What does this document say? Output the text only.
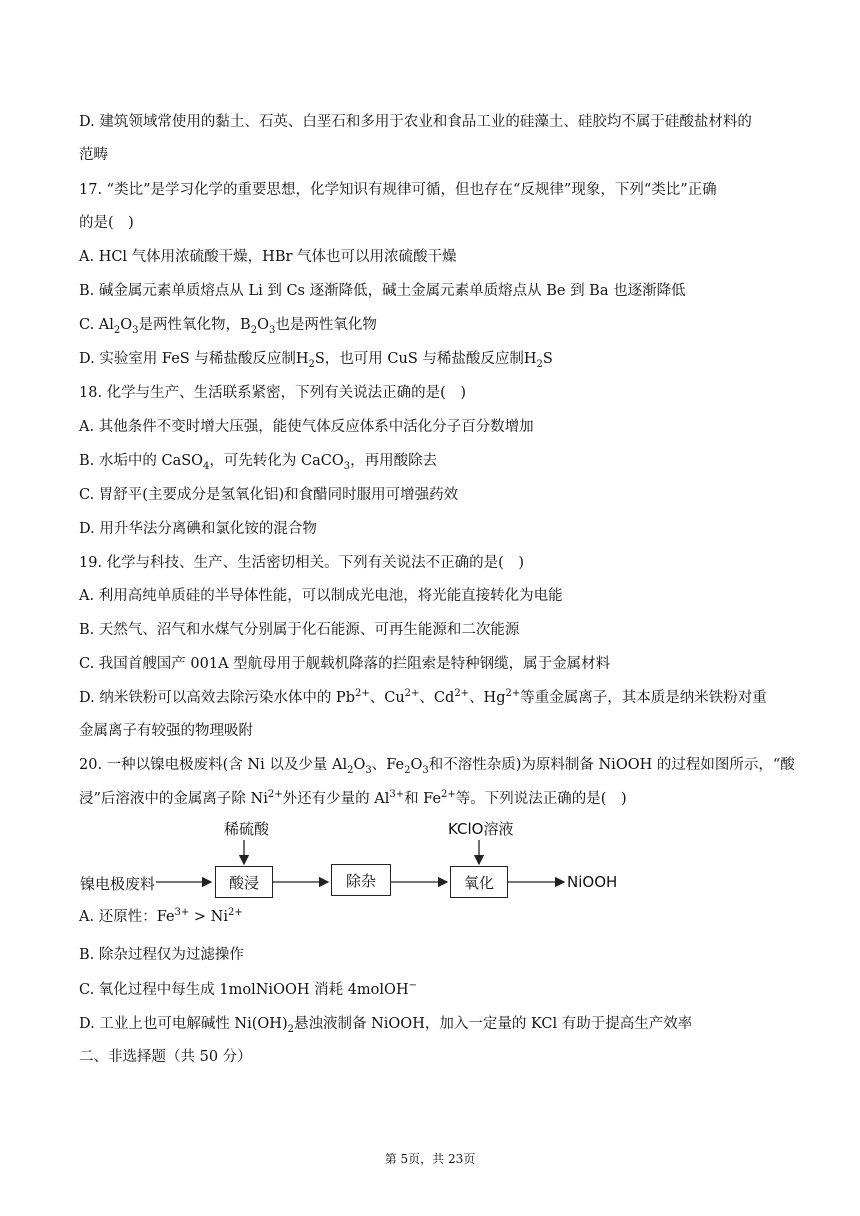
D. 建筑领域常使用的黏土、石英、白垩石和多用于农业和食品工业的硅藻土、硅胶均不属于硅酸盐材料的
范畴
17. “类比”是学习化学的重要思想，化学知识有规律可循，但也存在“反规律”现象，下列“类比”正确
的是(　)
A. HCl 气体用浓硫酸干燥，HBr 气体也可以用浓硫酸干燥
B. 碱金属元素单质熔点从 Li 到 Cs 逐渐降低，碱土金属元素单质熔点从 Be 到 Ba 也逐渐降低
C. $Al_2O_3$是两性氧化物，$B_2O_3$也是两性氧化物
D. 实验室用 FeS 与稀盐酸反应制$H_2S$，也可用 CuS 与稀盐酸反应制$H_2S$
18. 化学与生产、生活联系紧密，下列有关说法正确的是(　)
A. 其他条件不变时增大压强，能使气体反应体系中活化分子百分数增加
B. 水垢中的 CaSO$_4$，可先转化为 CaCO$_3$，再用酸除去
C. 胃舒平(主要成分是氢氧化铝)和食醋同时服用可增强药效
D. 用升华法分离碘和氯化铵的混合物
19. 化学与科技、生产、生活密切相关。下列有关说法不正确的是(　)
A. 利用高纯单质硅的半导体性能，可以制成光电池，将光能直接转化为电能
B. 天然气、沼气和水煤气分别属于化石能源、可再生能源和二次能源
C. 我国首艘国产 001A 型航母用于舰载机降落的拦阻索是特种钢缆，属于金属材料
D. 纳米铁粉可以高效去除污染水体中的 $Pb^{2+}$、$Cu^{2+}$、$Cd^{2+}$、$Hg^{2+}$等重金属离子，其本质是纳米铁粉对重
金属离子有较强的物理吸附
20. 一种以镍电极废料(含 Ni 以及少量 $Al_2O_3$、$Fe_2O_3$和不溶性杂质)为原料制备 NiOOH 的过程如图所示，“酸
浸”后溶液中的金属离子除 $Ni^{2+}$外还有少量的 $Al^{3+}$和 $Fe^{2+}$等。下列说法正确的是(　)
镍电极废料
稀硫酸	KClO溶液
酸浸	除杂	氧化	NiOOH
A. 还原性：$Fe^{3+} > Ni^{2+}$
B. 除杂过程仅为过滤操作
C. 氧化过程中每生成 1molNiOOH 消耗 4molOH−
D. 工业上也可电解碱性 $Ni(OH)_2$悬浊液制备 NiOOH，加入一定量的 KCl 有助于提高生产效率
二、非选择题（共 50 分）
第 5页，共 23页
